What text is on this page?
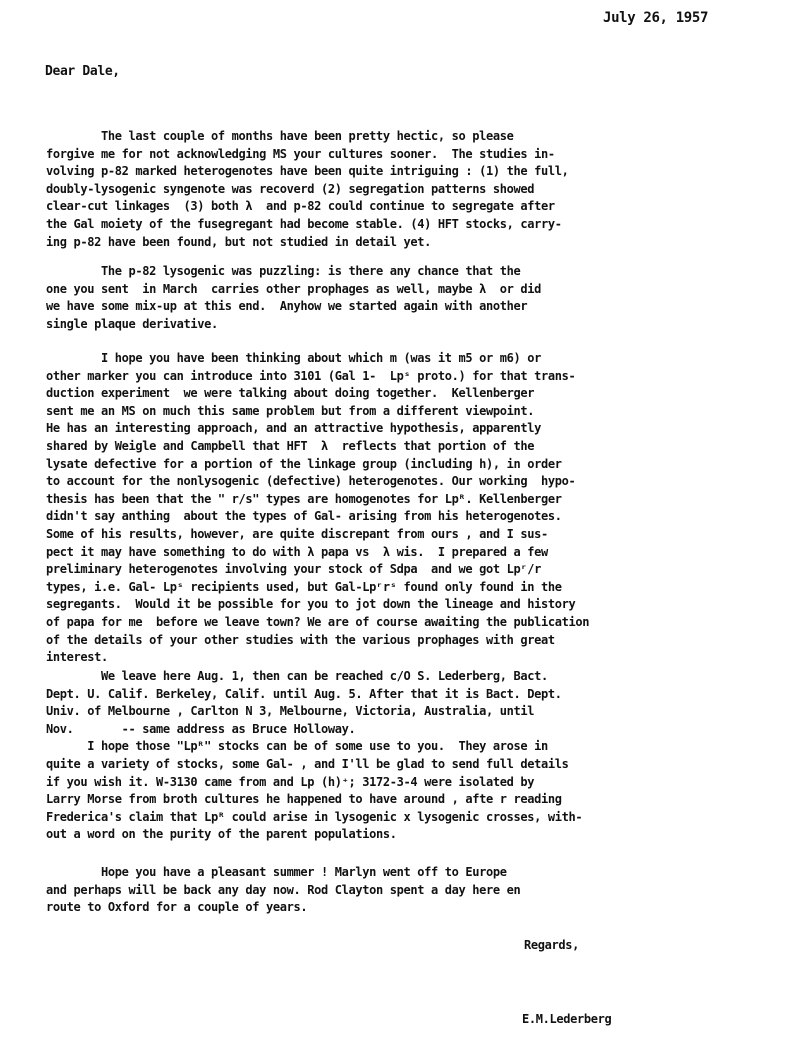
July 26, 1957
Dear Dale,
The last couple of months have been pretty hectic, so please
forgive me for not acknowledging MS your cultures sooner.  The studies in-
volving p-82 marked heterogenotes have been quite intriguing : (1) the full,
doubly-lysogenic syngenote was recoverd (2) segregation patterns showed
clear-cut linkages  (3) both λ  and p-82 could continue to segregate after
the Gal moiety of the fusegregant had become stable. (4) HFT stocks, carry-
ing p-82 have been found, but not studied in detail yet.
The p-82 lysogenic was puzzling: is there any chance that the
one you sent  in March  carries other prophages as well, maybe λ  or did
we have some mix-up at this end.  Anyhow we started again with another
single plaque derivative.
I hope you have been thinking about which m (was it m5 or m6) or
other marker you can introduce into 3101 (Gal 1-  Lpˢ proto.) for that trans-
duction experiment  we were talking about doing together.  Kellenberger
sent me an MS on much this same problem but from a different viewpoint.
He has an interesting approach, and an attractive hypothesis, apparently
shared by Weigle and Campbell that HFT  λ  reflects that portion of the
lysate defective for a portion of the linkage group (including h), in order
to account for the nonlysogenic (defective) heterogenotes. Our working  hypo-
thesis has been that the " r/s" types are homogenotes for Lpᴿ. Kellenberger
didn't say anthing  about the types of Gal- arising from his heterogenotes.
Some of his results, however, are quite discrepant from ours , and I sus-
pect it may have something to do with λ papa vs  λ wis.  I prepared a few
preliminary heterogenotes involving your stock of Sdpa  and we got Lpʳ/r
types, i.e. Gal- Lpˢ recipients used, but Gal-Lpʳrˢ found only found in the
segregants.  Would it be possible for you to jot down the lineage and history
of papa for me  before we leave town? We are of course awaiting the publication
of the details of your other studies with the various prophages with great
interest.
We leave here Aug. 1, then can be reached c/O S. Lederberg, Bact.
Dept. U. Calif. Berkeley, Calif. until Aug. 5. After that it is Bact. Dept.
Univ. of Melbourne , Carlton N 3, Melbourne, Victoria, Australia, until
Nov.       -- same address as Bruce Holloway.
I hope those "Lpᴿ" stocks can be of some use to you.  They arose in
quite a variety of stocks, some Gal- , and I'll be glad to send full details
if you wish it. W-3130 came from and Lp (h)⁺; 3172-3-4 were isolated by
Larry Morse from broth cultures he happened to have around , afte r reading
Frederica's claim that Lpᴿ could arise in lysogenic x lysogenic crosses, with-
out a word on the purity of the parent populations.
Hope you have a pleasant summer ! Marlyn went off to Europe
and perhaps will be back any day now. Rod Clayton spent a day here en
route to Oxford for a couple of years.
Regards,
E.M.Lederberg
